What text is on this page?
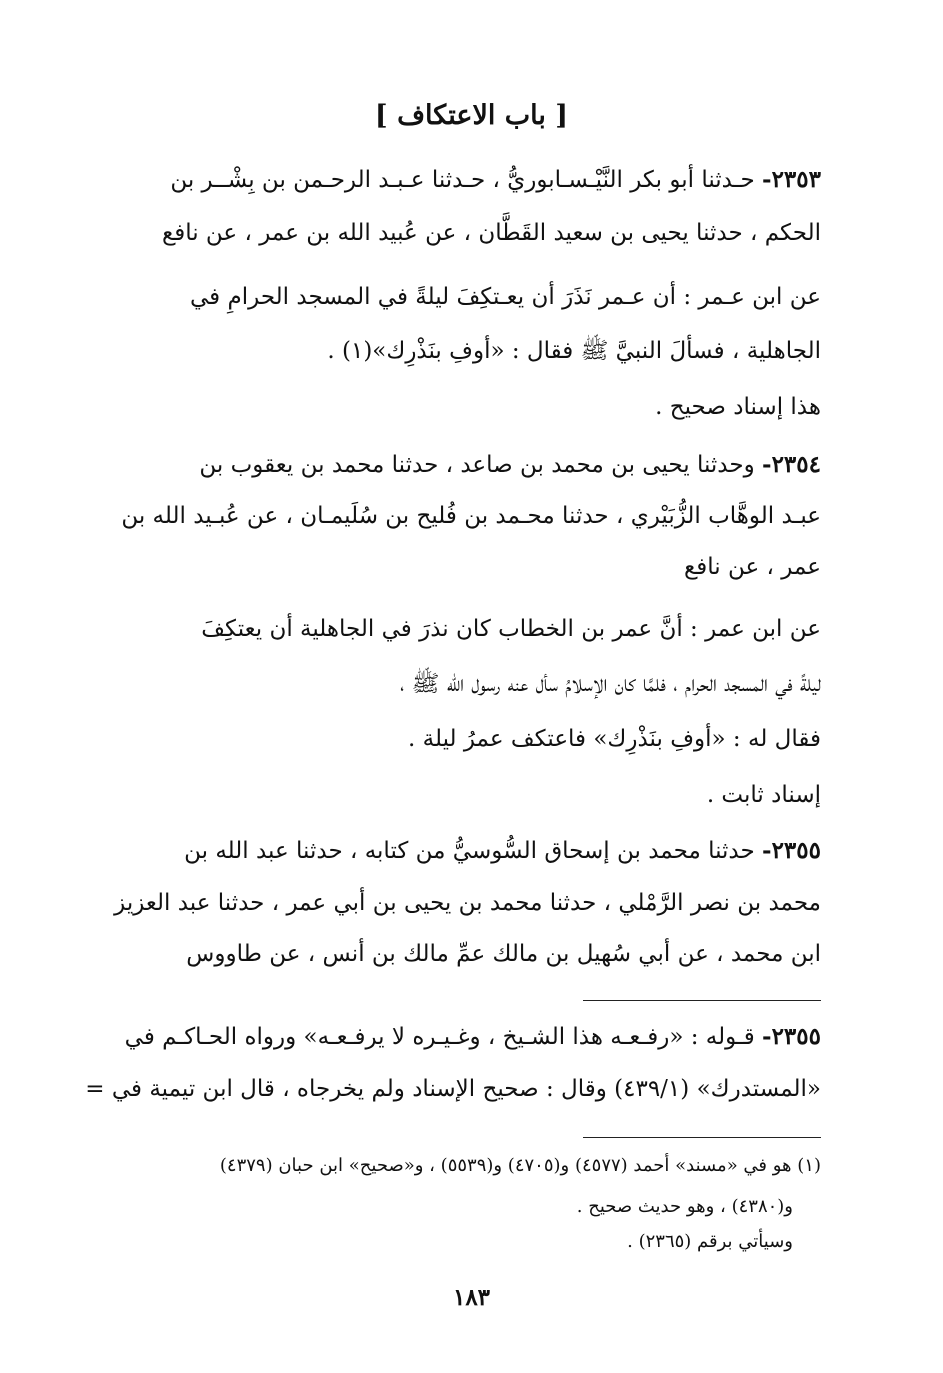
[ باب الاعتكاف ]
٢٣٥٣- حـدثنا أبو بكر النَّيْـسـابوريُّ ، حـدثنا عـبـد الرحـمن بن بِشْــر بن
الحكم ، حدثنا يحيى بن سعيد القَطَّان ، عن عُبيد الله بن عمر ، عن نافع
عن ابن عـمر : أن عـمر نَذَرَ أن يعـتكِفَ ليلةً في المسجد الحرامِ في
الجاهلية ، فسألَ النبيَّ ﷺ فقال : «أوفِ بنَذْرِك»(١) .
هذا إسناد صحيح .
٢٣٥٤- وحدثنا يحيى بن محمد بن صاعد ، حدثنا محمد بن يعقوب بن
عبـد الوهَّاب الزُّبَيْري ، حدثنا محـمد بن فُليح بن سُلَيمـان ، عن عُبـيد الله بن
عمر ، عن نافع
عن ابن عمر : أنَّ عمر بن الخطاب كان نذرَ في الجاهلية أن يعتكِفَ
ليلةً في المسجد الحرام ، فلمَّا كان الإسلامُ سأل عنه رسول الله ﷺ ،
فقال له : «أوفِ بنَذْرِك» فاعتكف عمرُ ليلة .
إسناد ثابت .
٢٣٥٥- حدثنا محمد بن إسحاق السُّوسيُّ من كتابه ، حدثنا عبد الله بن
محمد بن نصر الرَّمْلي ، حدثنا محمد بن يحيى بن أبي عمر ، حدثنا عبد العزيز
ابن محمد ، عن أبي سُهيل بن مالك عمِّ مالك بن أنس ، عن طاووس
٢٣٥٥- قـوله : «رفـعـه هذا الشـيخ ، وغـيـره لا يرفـعـه» ورواه الحـاكـم في
«المستدرك» (٤٣٩/١) وقال : صحيح الإسناد ولم يخرجاه ، قال ابن تيمية في =
(١) هو في «مسند» أحمد (٤٥٧٧) و(٤٧٠٥) و(٥٥٣٩) ، و«صحيح» ابن حبان (٤٣٧٩)
و(٤٣٨٠) ، وهو حديث صحيح .
وسيأتي برقم (٢٣٦٥) .
١٨٣
